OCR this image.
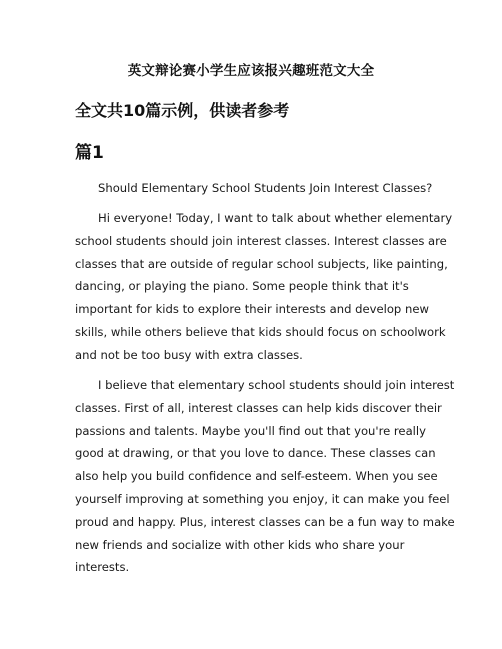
英文辩论赛小学生应该报兴趣班范文大全
全文共10篇示例，供读者参考
篇1
Should Elementary School Students Join Interest Classes?
Hi everyone! Today, I want to talk about whether elementary
school students should join interest classes. Interest classes are
classes that are outside of regular school subjects, like painting,
dancing, or playing the piano. Some people think that it's
important for kids to explore their interests and develop new
skills, while others believe that kids should focus on schoolwork
and not be too busy with extra classes.
I believe that elementary school students should join interest
classes. First of all, interest classes can help kids discover their
passions and talents. Maybe you'll find out that you're really
good at drawing, or that you love to dance. These classes can
also help you build confidence and self-esteem. When you see
yourself improving at something you enjoy, it can make you feel
proud and happy. Plus, interest classes can be a fun way to make
new friends and socialize with other kids who share your
interests.
